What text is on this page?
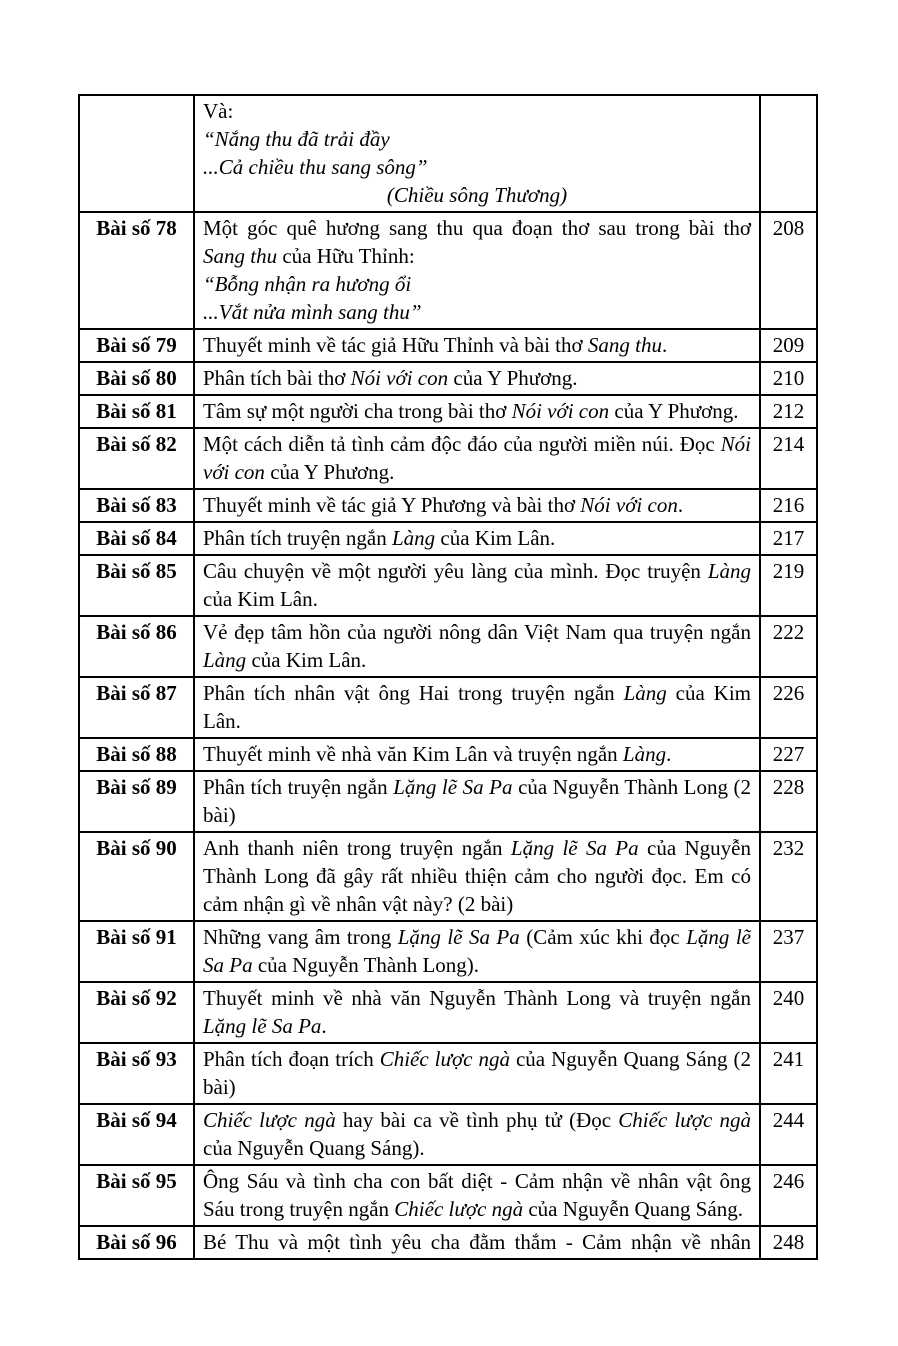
	Và:

“Nắng thu đã trải đầy

...Cả chiều thu sang sông”

(Chiều sông Thương)	

Bài số 78	Một góc quê hương sang thu qua đoạn thơ sau trong bài thơ Sang thu của Hữu Thỉnh:

“Bỗng nhận ra hương ổi

...Vắt nửa mình sang thu”	208
Bài số 79	Thuyết minh về tác giả Hữu Thỉnh và bài thơ Sang thu.	209
Bài số 80	Phân tích bài thơ Nói với con của Y Phương.	210
Bài số 81	Tâm sự một người cha trong bài thơ Nói với con của Y Phương.	212
Bài số 82	Một cách diễn tả tình cảm độc đáo của người miền núi. Đọc Nói với con của Y Phương.	214
Bài số 83	Thuyết minh về tác giả Y Phương và bài thơ Nói với con.	216
Bài số 84	Phân tích truyện ngắn Làng của Kim Lân.	217
Bài số 85	Câu chuyện về một người yêu làng của mình. Đọc truyện Làng của Kim Lân.	219
Bài số 86	Vẻ đẹp tâm hồn của người nông dân Việt Nam qua truyện ngắn Làng của Kim Lân.	222
Bài số 87	Phân tích nhân vật ông Hai trong truyện ngắn Làng của Kim Lân.	226
Bài số 88	Thuyết minh về nhà văn Kim Lân và truyện ngắn Làng.	227
Bài số 89	Phân tích truyện ngắn Lặng lẽ Sa Pa của Nguyễn Thành Long (2 bài)	228
Bài số 90	Anh thanh niên trong truyện ngắn Lặng lẽ Sa Pa của Nguyễn Thành Long đã gây rất nhiều thiện cảm cho người đọc. Em có cảm nhận gì về nhân vật này? (2 bài)	232
Bài số 91	Những vang âm trong Lặng lẽ Sa Pa (Cảm xúc khi đọc Lặng lẽ Sa Pa của Nguyễn Thành Long).	237
Bài số 92	Thuyết minh về nhà văn Nguyễn Thành Long và truyện ngắn Lặng lẽ Sa Pa.	240
Bài số 93	Phân tích đoạn trích Chiếc lược ngà của Nguyễn Quang Sáng (2 bài)	241
Bài số 94	Chiếc lược ngà hay bài ca về tình phụ tử (Đọc Chiếc lược ngà của Nguyễn Quang Sáng).	244
Bài số 95	Ông Sáu và tình cha con bất diệt - Cảm nhận về nhân vật ông Sáu trong truyện ngắn Chiếc lược ngà của Nguyễn Quang Sáng.	246
Bài số 96	Bé Thu và một tình yêu cha đằm thắm - Cảm nhận về nhân	248
